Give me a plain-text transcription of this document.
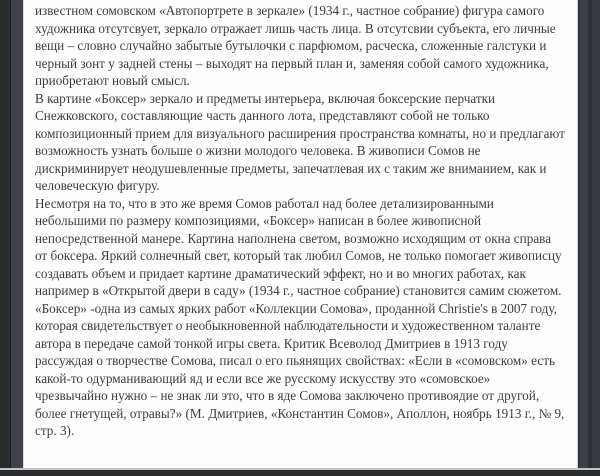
известном сомовском «Автопортрете в зеркале» (1934 г., частное собрание) фигура самого художника отсутсвует, зеркало отражает лишь часть лица. В отсутсвии субъекта, его личные вещи – словно случайно забытые бутылочки с парфюмом, расческа, сложенные галстуки и черный зонт у задней стены – выходят на первый план и, заменяя собой самого художника, приобретают новый смысл.

В картине «Боксер» зеркало и предметы интерьера, включая боксерские перчатки Снежковского, составляющие часть данного лота, представляют собой не только композиционный прием для визуального расширения пространства комнаты, но и предлагают возможность узнать больше о жизни молодого человека. В живописи Сомов не дискриминирует неодушевленные предметы, запечатлевая их с таким же вниманием, как и человеческую фигуру.

Несмотря на то, что в это же время Сомов работал над более детализированными небольшими по размеру композициями, «Боксер» написан в более живописной непосредственной манере. Картина наполнена светом, возможно исходящим от окна справа от боксера. Яркий солнечный свет, который так любил Сомов, не только помогает живописцу создавать объем и придает картине драматический эффект, но и во многих работах, как например в «Открытой двери в саду» (1934 г., частное собрание) становится самим сюжетом.

«Боксер» -одна из самых ярких работ «Коллекции Сомова», проданной Christie's в 2007 году, которая свидетельствует о необыкновенной наблюдательности и художественном таланте автора в передаче самой тонкой игры света. Критик Всеволод Дмитриев в 1913 году рассуждая о творчестве Сомова, писал о его пьянящих свойствах: «Если в «сомовском» есть какой-то одурманивающий яд и если все же русскому искусству это «сомовское» чрезвычайно нужно – не знак ли это, что в яде Сомова заключено противоядие от другой, более гнетущей, отравы?» (М. Дмитриев, «Константин Сомов», Аполлон, ноябрь 1913 г., № 9, стр. 3).
